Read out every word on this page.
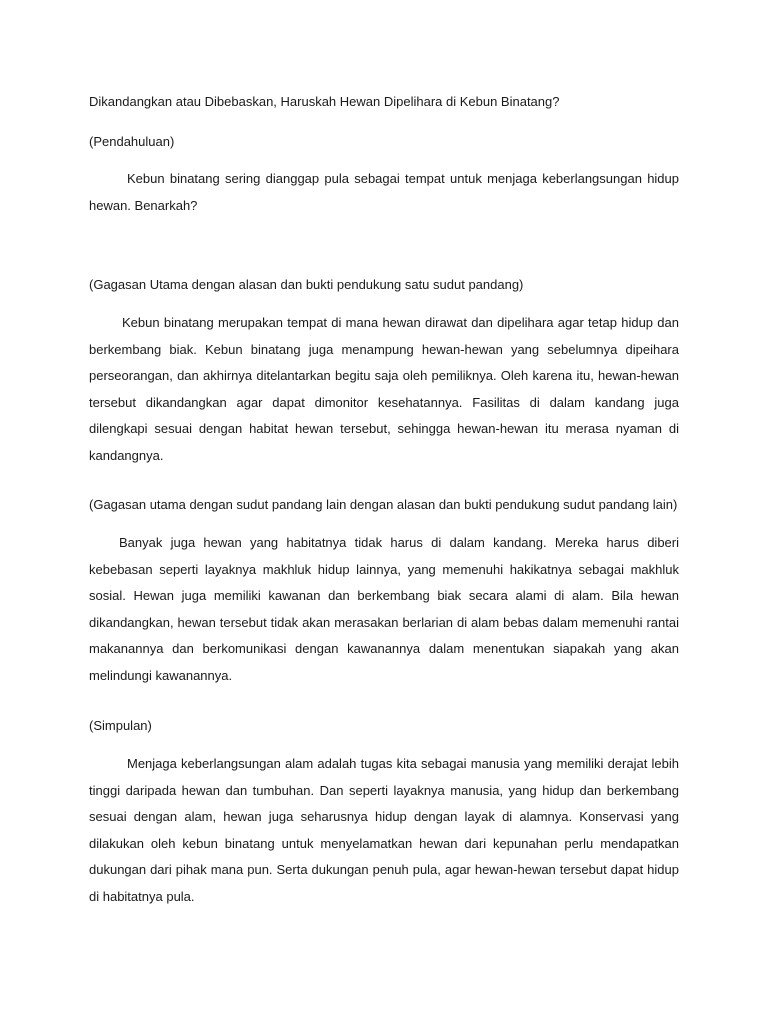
Dikandangkan atau Dibebaskan, Haruskah Hewan Dipelihara di Kebun Binatang?
(Pendahuluan)

Kebun binatang sering dianggap pula sebagai tempat untuk menjaga keberlangsungan hidup hewan. Benarkah?

(Gagasan Utama dengan alasan dan bukti pendukung satu sudut pandang)

Kebun binatang merupakan tempat di mana hewan dirawat dan dipelihara agar tetap hidup dan berkembang biak. Kebun binatang juga menampung hewan-hewan yang sebelumnya dipeihara perseorangan, dan akhirnya ditelantarkan begitu saja oleh pemiliknya. Oleh karena itu, hewan-hewan tersebut dikandangkan agar dapat dimonitor kesehatannya. Fasilitas di dalam kandang juga dilengkapi sesuai dengan habitat hewan tersebut, sehingga hewan-hewan itu merasa nyaman di kandangnya.

(Gagasan utama dengan sudut pandang lain dengan alasan dan bukti pendukung sudut pandang lain)

Banyak juga hewan yang habitatnya tidak harus di dalam kandang. Mereka harus diberi kebebasan seperti layaknya makhluk hidup lainnya, yang memenuhi hakikatnya sebagai makhluk sosial. Hewan juga memiliki kawanan dan berkembang biak secara alami di alam. Bila hewan dikandangkan, hewan tersebut tidak akan merasakan berlarian di alam bebas dalam memenuhi rantai makanannya dan berkomunikasi dengan kawanannya dalam menentukan siapakah yang akan melindungi kawanannya.

(Simpulan)

Menjaga keberlangsungan alam adalah tugas kita sebagai manusia yang memiliki derajat lebih tinggi daripada hewan dan tumbuhan. Dan seperti layaknya manusia, yang hidup dan berkembang sesuai dengan alam, hewan juga seharusnya hidup dengan layak di alamnya. Konservasi yang dilakukan oleh kebun binatang untuk menyelamatkan hewan dari kepunahan perlu mendapatkan dukungan dari pihak mana pun. Serta dukungan penuh pula, agar hewan-hewan tersebut dapat hidup di habitatnya pula.
